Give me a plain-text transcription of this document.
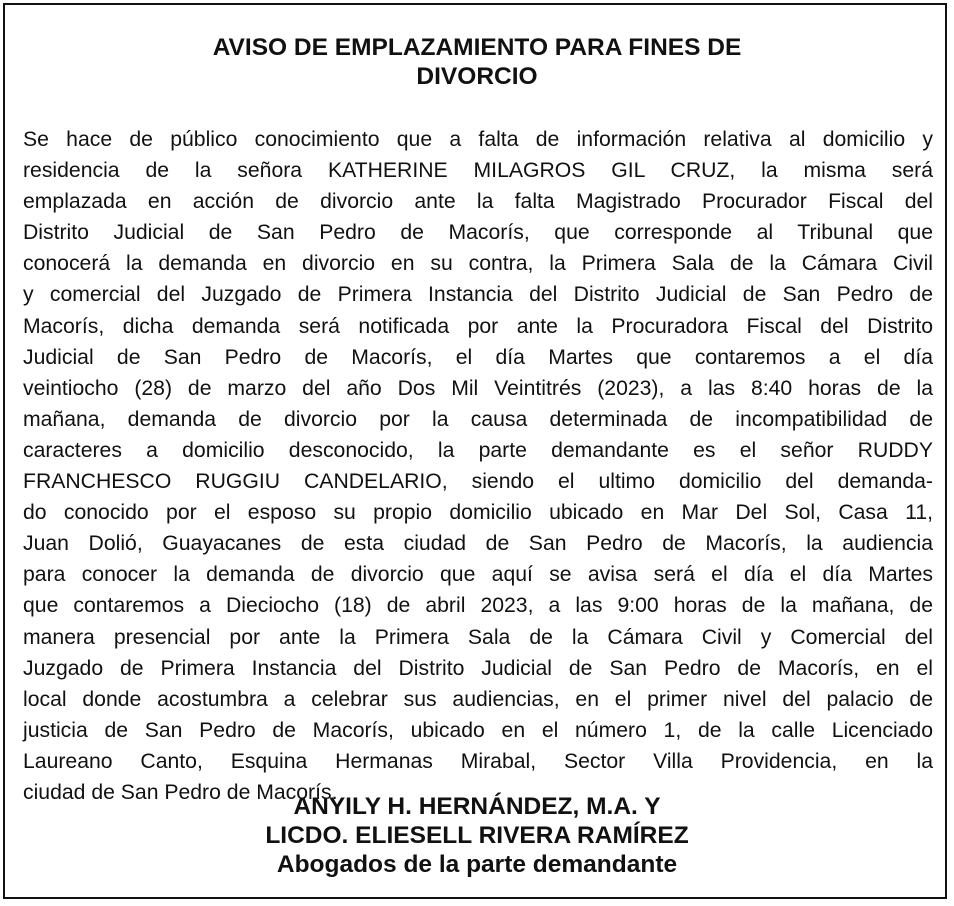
AVISO DE EMPLAZAMIENTO PARA FINES DE
DIVORCIO
Se hace de público conocimiento que a falta de información relativa al domicilio y
residencia de la señora KATHERINE MILAGROS GIL CRUZ, la misma será
emplazada en acción de divorcio ante la falta Magistrado Procurador Fiscal del
Distrito Judicial de San Pedro de Macorís, que corresponde al Tribunal que
conocerá la demanda en divorcio en su contra, la Primera Sala de la Cámara Civil
y comercial del Juzgado de Primera Instancia del Distrito Judicial de San Pedro de
Macorís, dicha demanda será notificada por ante la Procuradora Fiscal del Distrito
Judicial de San Pedro de Macorís, el día Martes que contaremos a el día
veintiocho (28) de marzo del año Dos Mil Veintitrés (2023), a las 8:40 horas de la
mañana, demanda de divorcio por la causa determinada de incompatibilidad de
caracteres a domicilio desconocido, la parte demandante es el señor RUDDY
FRANCHESCO RUGGIU CANDELARIO, siendo el ultimo domicilio del demanda-
do conocido por el esposo su propio domicilio ubicado en Mar Del Sol, Casa 11,
Juan Dolió, Guayacanes de esta ciudad de San Pedro de Macorís, la audiencia
para conocer la demanda de divorcio que aquí se avisa será el día el día Martes
que contaremos a Dieciocho (18) de abril 2023, a las 9:00 horas de la mañana, de
manera presencial por ante la Primera Sala de la Cámara Civil y Comercial del
Juzgado de Primera Instancia del Distrito Judicial de San Pedro de Macorís, en el
local donde acostumbra a celebrar sus audiencias, en el primer nivel del palacio de
justicia de San Pedro de Macorís, ubicado en el número 1, de la calle Licenciado
Laureano Canto, Esquina Hermanas Mirabal, Sector Villa Providencia, en la
ciudad de San Pedro de Macorís.
ANYILY H. HERNÁNDEZ, M.A. Y
LICDO. ELIESELL RIVERA RAMÍREZ
Abogados de la parte demandante
